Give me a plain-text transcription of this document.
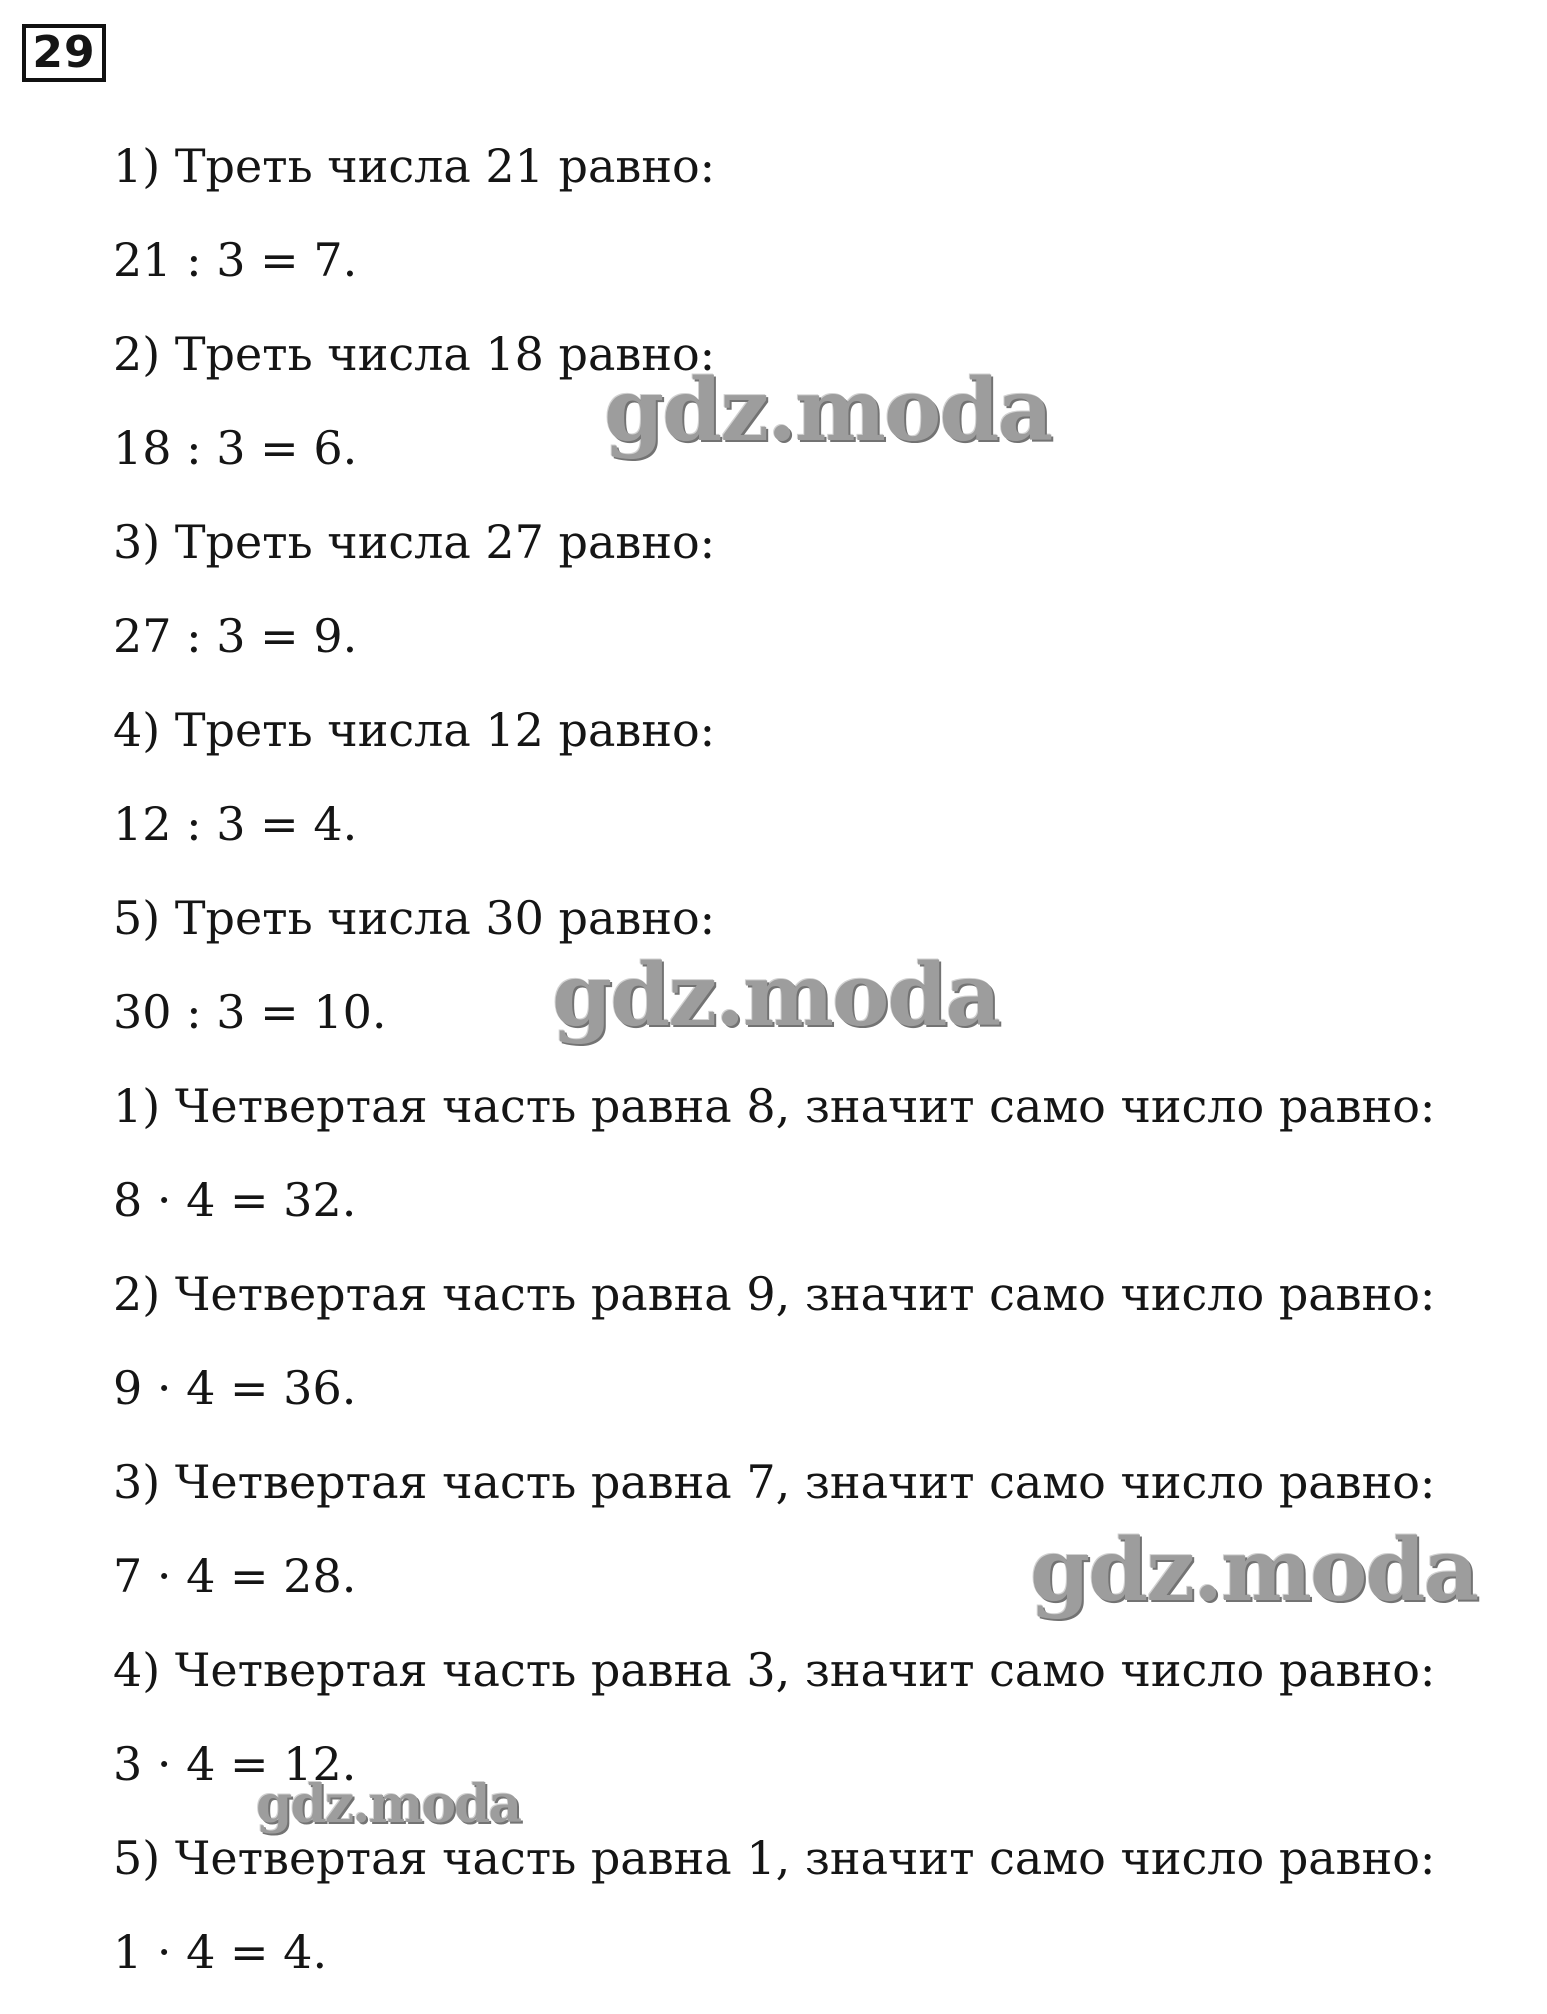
29
1) Треть числа 21 равно:
21 : 3 = 7.
2) Треть числа 18 равно:
18 : 3 = 6.
3) Треть числа 27 равно:
27 : 3 = 9.
4) Треть числа 12 равно:
12 : 3 = 4.
5) Треть числа 30 равно:
30 : 3 = 10.
1) Четвертая часть равна 8, значит само число равно:
8 · 4 = 32.
2) Четвертая часть равна 9, значит само число равно:
9 · 4 = 36.
3) Четвертая часть равна 7, значит само число равно:
7 · 4 = 28.
4) Четвертая часть равна 3, значит само число равно:
3 · 4 = 12.
5) Четвертая часть равна 1, значит само число равно:
1 · 4 = 4.
gdz.moda
gdz.moda
gdz.moda
gdz.moda
